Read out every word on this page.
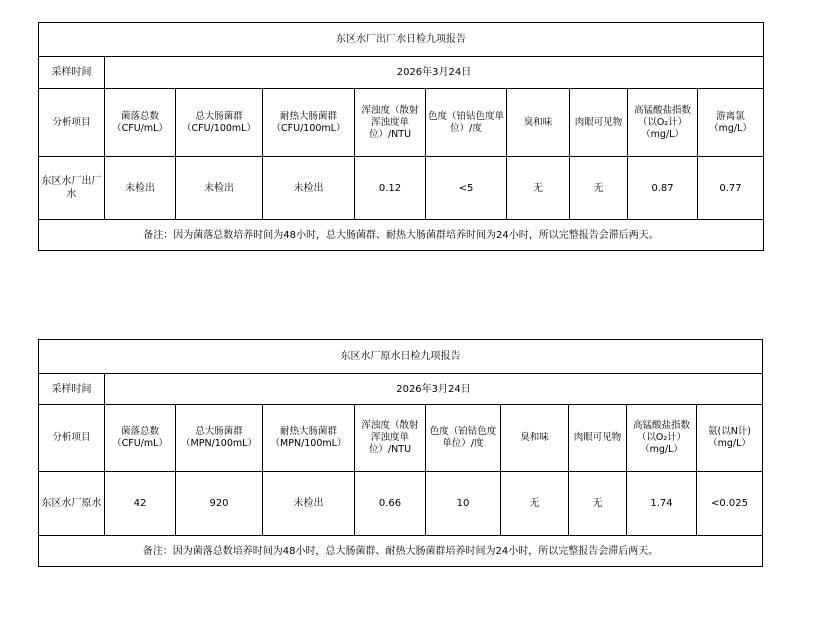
东区水厂出厂水日检九项报告									
采样时间	2026年3月24日								
分析项目	菌落总数（CFU/mL）	总大肠菌群（CFU/100mL）	耐热大肠菌群（CFU/100mL）	浑浊度（散射浑浊度单位）/NTU	色度（铂钴色度单位）/度	臭和味	肉眼可见物	高锰酸盐指数（以O₂计）（mg/L）	游离氯（mg/L）
东区水厂出厂水	未检出	未检出	未检出	0.12	<5	无	无	0.87	0.77
备注：因为菌落总数培养时间为48小时，总大肠菌群、耐热大肠菌群培养时间为24小时，所以完整报告会滞后两天。									
东区水厂原水日检九项报告									
采样时间	2026年3月24日								
分析项目	菌落总数（CFU/mL）	总大肠菌群（MPN/100mL）	耐热大肠菌群（MPN/100mL）	浑浊度（散射浑浊度单位）/NTU	色度（铂钴色度单位）/度	臭和味	肉眼可见物	高锰酸盐指数（以O₂计）（mg/L）	氨(以N计)（mg/L）
东区水厂原水	42	920	未检出	0.66	10	无	无	1.74	<0.025
备注：因为菌落总数培养时间为48小时，总大肠菌群、耐热大肠菌群培养时间为24小时，所以完整报告会滞后两天。									
